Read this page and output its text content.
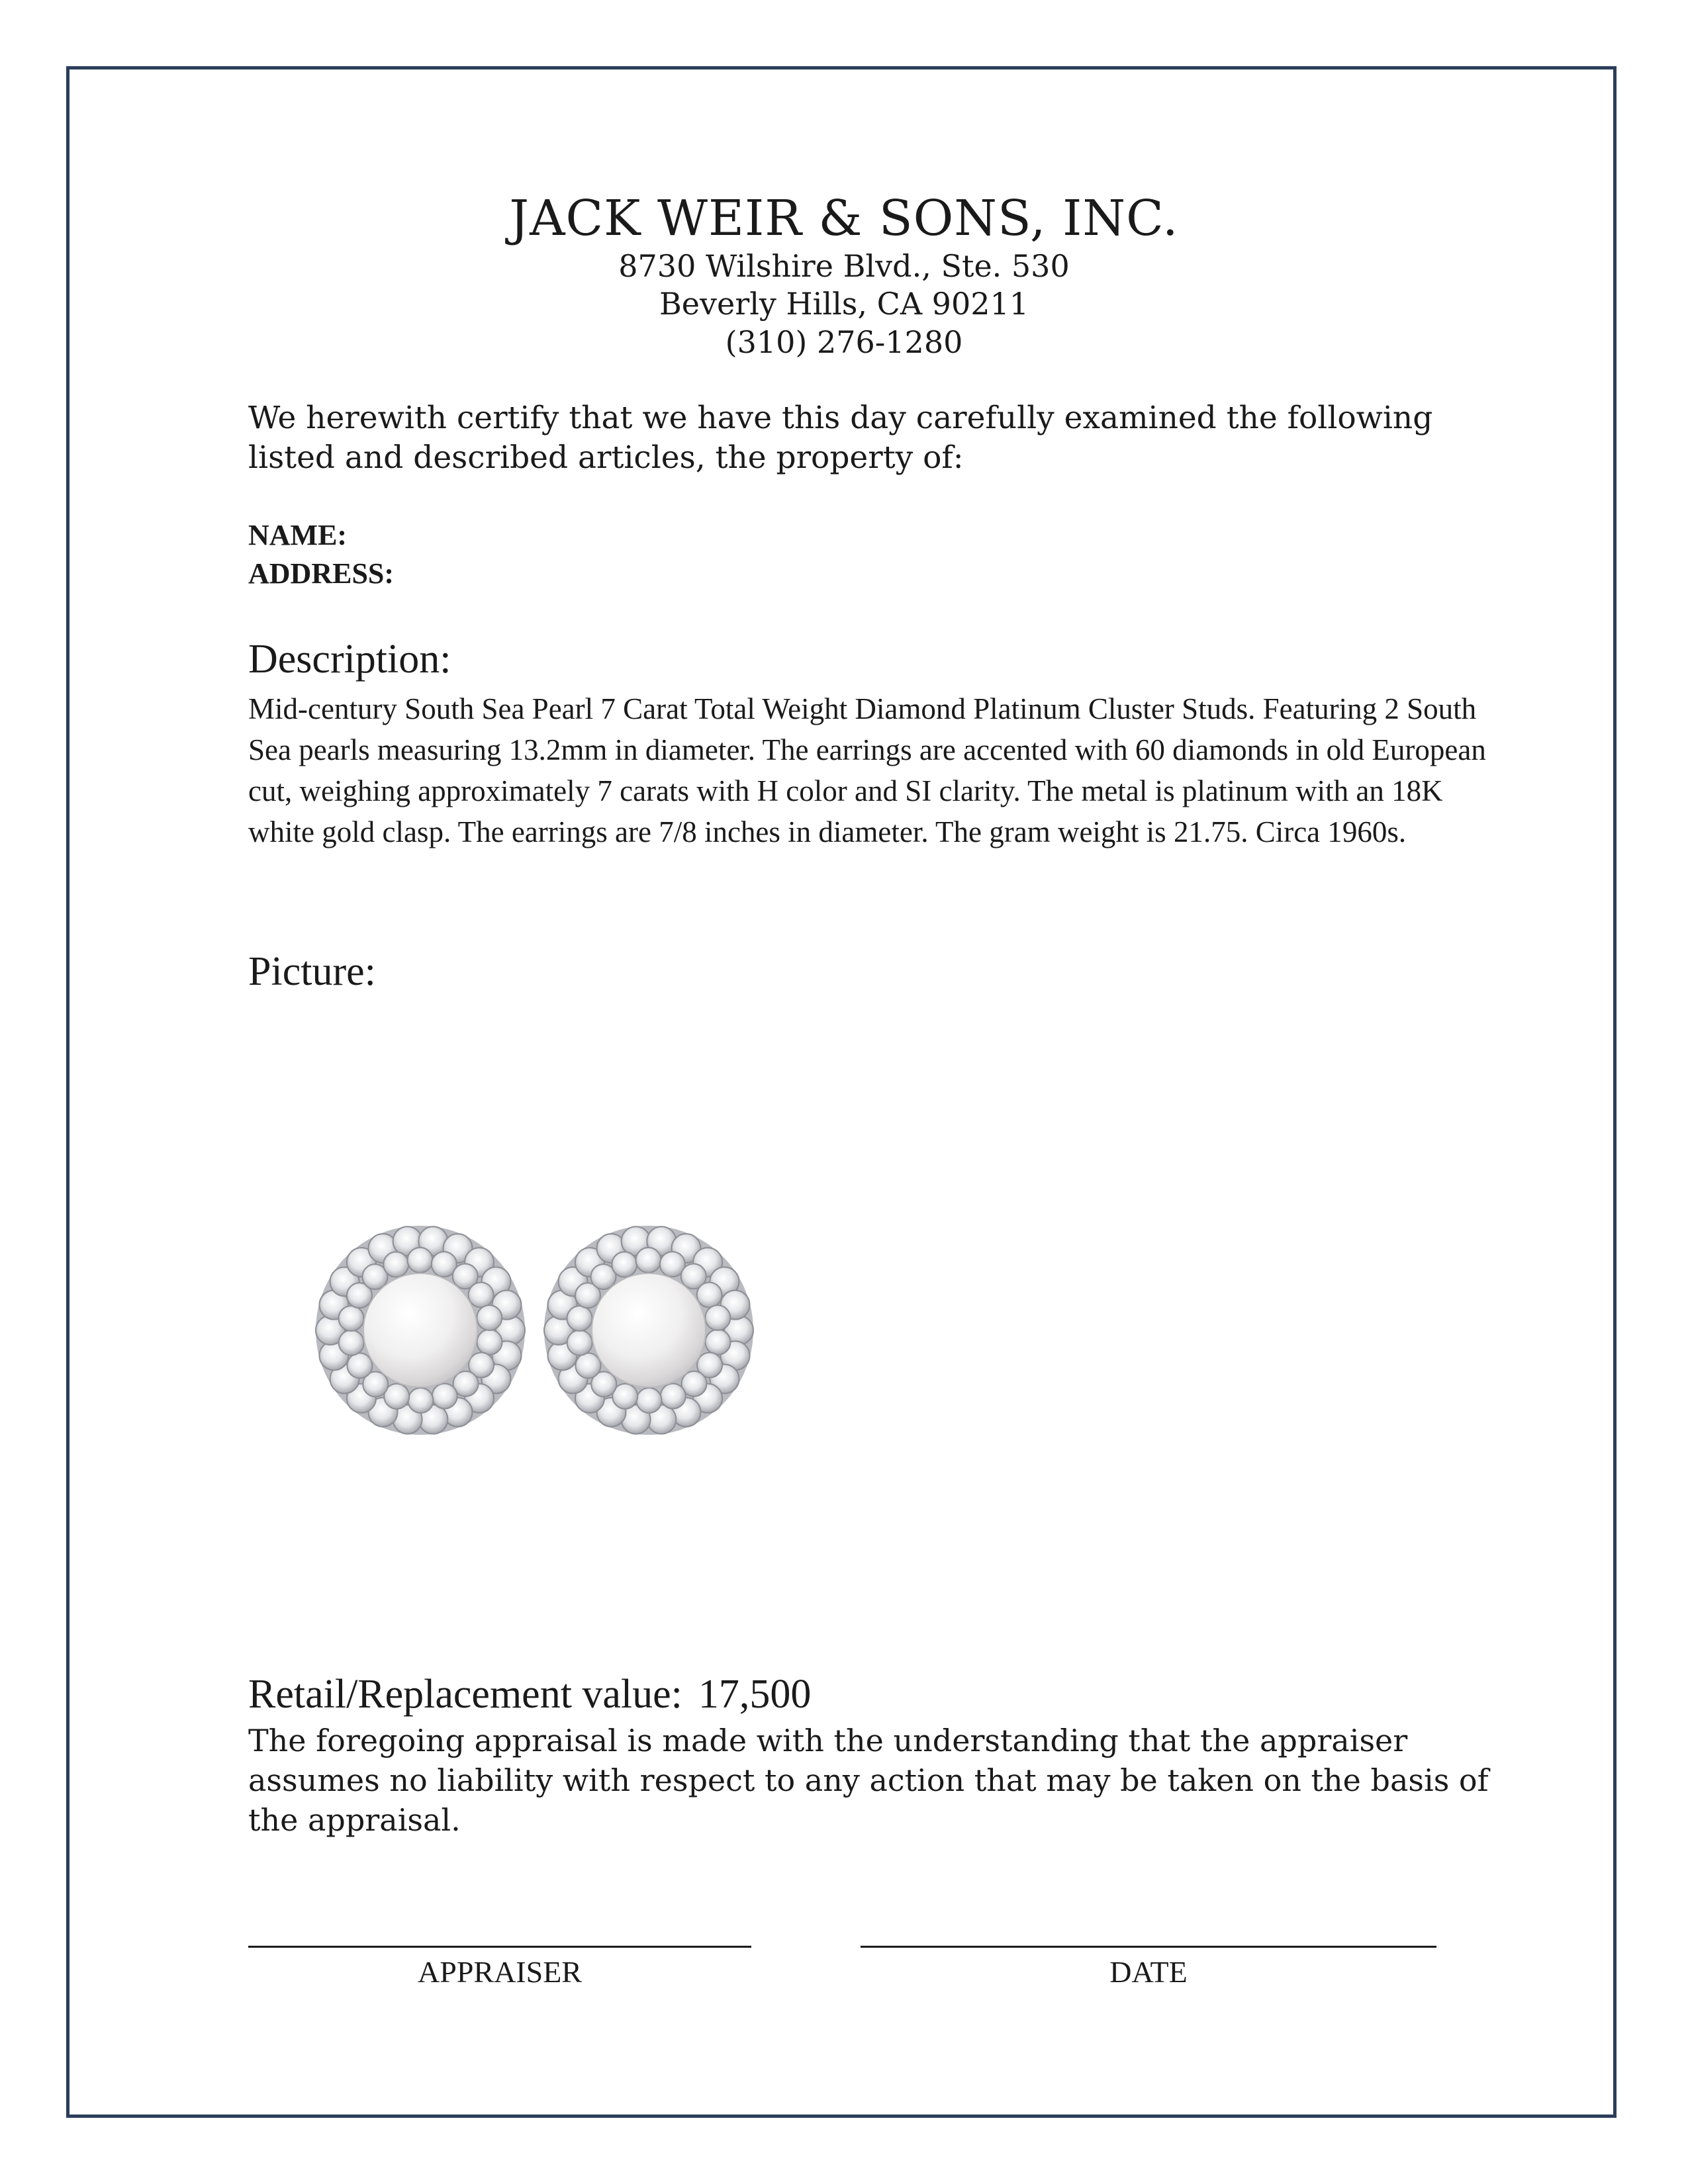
JACK WEIR & SONS, INC.
8730 Wilshire Blvd., Ste. 530
Beverly Hills, CA 90211
(310) 276-1280
We herewith certify that we have this day carefully examined the following listed and described articles, the property of:
NAME:
ADDRESS:
Description:
Mid-century South Sea Pearl 7 Carat Total Weight Diamond Platinum Cluster Studs. Featuring 2 South Sea pearls measuring 13.2mm in diameter. The earrings are accented with 60 diamonds in old European cut, weighing approximately 7 carats with H color and SI clarity. The metal is platinum with an 18K white gold clasp. The earrings are 7/8 inches in diameter. The gram weight is 21.75. Circa 1960s.
Picture:
Retail/Replacement value: 17,500
The foregoing appraisal is made with the understanding that the appraiser assumes no liability with respect to any action that may be taken on the basis of the appraisal.
APPRAISER	DATE
